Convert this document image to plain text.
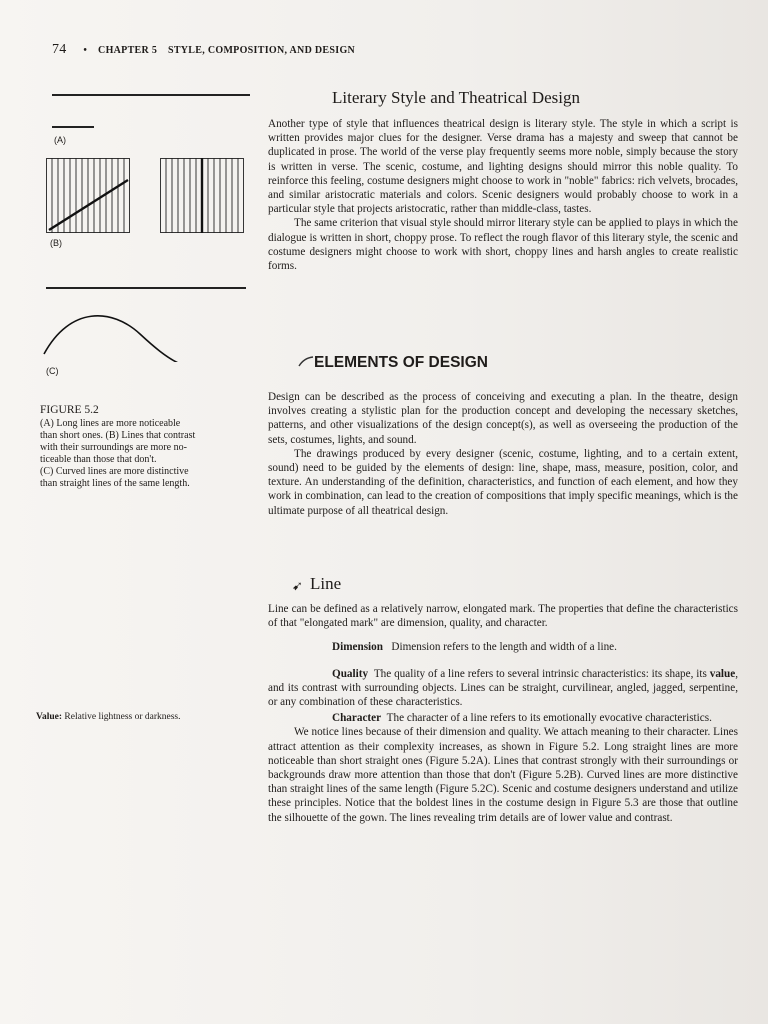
74 • CHAPTER 5 STYLE, COMPOSITION, AND DESIGN
(A)
(B)
(C)
FIGURE 5.2
(A) Long lines are more noticeable
than short ones. (B) Lines that contrast
with their surroundings are more no-
ticeable than those that don't.
(C) Curved lines are more distinctive
than straight lines of the same length.
Value: Relative lightness or darkness.
Literary Style and Theatrical Design

Another type of style that influences theatrical design is literary style. The style in which a script is written provides major clues for the designer. Verse drama has a majesty and sweep that cannot be duplicated in prose. The world of the verse play frequently seems more noble, simply because the story is written in verse. The scenic, costume, and lighting designs should mirror this noble quality. To reinforce this feeling, costume designers might choose to work in "noble" fabrics: rich velvets, brocades, and similar aristocratic materials and colors. Scenic designers would probably choose to work in a particular style that projects aristocratic, rather than middle-class, tastes.

The same criterion that visual style should mirror literary style can be applied to plays in which the dialogue is written in short, choppy prose. To reflect the rough flavor of this literary style, the scenic and costume designers might choose to work with short, choppy lines and harsh angles to create realistic forms.

ELEMENTS OF DESIGN

Design can be described as the process of conceiving and executing a plan. In the theatre, design involves creating a stylistic plan for the production concept and developing the necessary sketches, patterns, and other visualizations of the design concept(s), as well as overseeing the production of the sets, costumes, lights, and sound.

The drawings produced by every designer (scenic, costume, lighting, and to a certain extent, sound) need to be guided by the elements of design: line, shape, mass, measure, position, color, and texture. An understanding of the definition, characteristics, and function of each element, and how they work in combination, can lead to the creation of compositions that imply specific meanings, which is the ultimate purpose of all theatrical design.

➹ Line

Line can be defined as a relatively narrow, elongated mark. The properties that define the characteristics of that "elongated mark" are dimension, quality, and character.

Dimension Dimension refers to the length and width of a line.

Quality The quality of a line refers to several intrinsic characteristics: its shape, its value, and its contrast with surrounding objects. Lines can be straight, curvilinear, angled, jagged, serpentine, or any combination of these characteristics.

Character The character of a line refers to its emotionally evocative characteristics.

We notice lines because of their dimension and quality. We attach meaning to their character. Lines attract attention as their complexity increases, as shown in Figure 5.2. Long straight lines are more noticeable than short straight ones (Figure 5.2A). Lines that contrast strongly with their surroundings or backgrounds draw more attention than those that don't (Figure 5.2B). Curved lines are more distinctive than straight lines of the same length (Figure 5.2C). Scenic and costume designers understand and utilize these principles. Notice that the boldest lines in the costume design in Figure 5.3 are those that outline the silhouette of the gown. The lines revealing trim details are of lower value and contrast.
